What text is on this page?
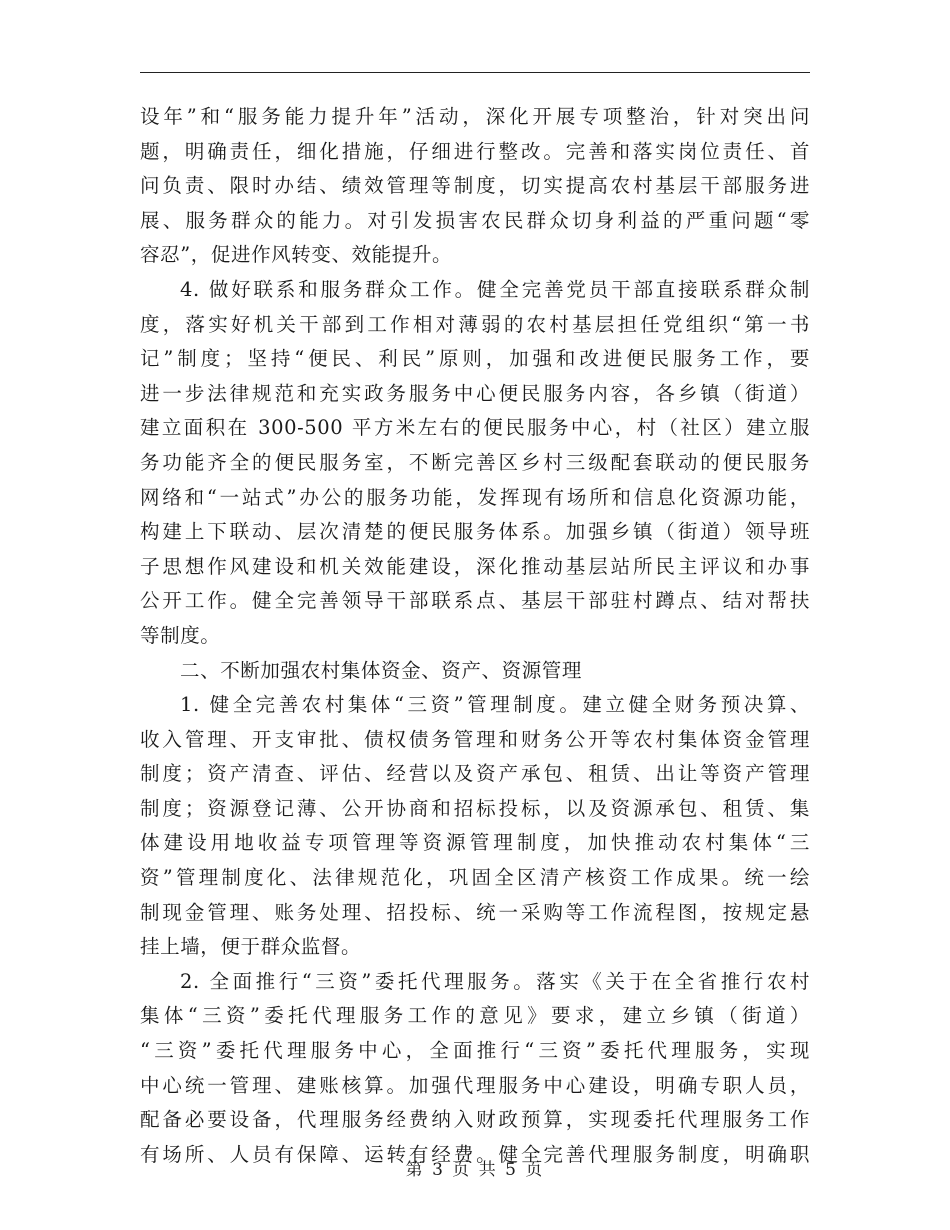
设年”和“服务能力提升年”活动，深化开展专项整治，针对突出问
题，明确责任，细化措施，仔细进行整改。完善和落实岗位责任、首
问负责、限时办结、绩效管理等制度，切实提高农村基层干部服务进
展、服务群众的能力。对引发损害农民群众切身利益的严重问题“零
容忍”，促进作风转变、效能提升。
4. 做好联系和服务群众工作。健全完善党员干部直接联系群众制
度，落实好机关干部到工作相对薄弱的农村基层担任党组织“第一书
记”制度；坚持“便民、利民”原则，加强和改进便民服务工作，要
进一步法律规范和充实政务服务中心便民服务内容，各乡镇（街道）
建立面积在 300-500 平方米左右的便民服务中心，村（社区）建立服
务功能齐全的便民服务室，不断完善区乡村三级配套联动的便民服务
网络和“一站式”办公的服务功能，发挥现有场所和信息化资源功能，
构建上下联动、层次清楚的便民服务体系。加强乡镇（街道）领导班
子思想作风建设和机关效能建设，深化推动基层站所民主评议和办事
公开工作。健全完善领导干部联系点、基层干部驻村蹲点、结对帮扶
等制度。
二、不断加强农村集体资金、资产、资源管理
1. 健全完善农村集体“三资”管理制度。建立健全财务预决算、
收入管理、开支审批、债权债务管理和财务公开等农村集体资金管理
制度；资产清查、评估、经营以及资产承包、租赁、出让等资产管理
制度；资源登记薄、公开协商和招标投标，以及资源承包、租赁、集
体建设用地收益专项管理等资源管理制度，加快推动农村集体“三
资”管理制度化、法律规范化，巩固全区清产核资工作成果。统一绘
制现金管理、账务处理、招投标、统一采购等工作流程图，按规定悬
挂上墙，便于群众监督。
2. 全面推行“三资”委托代理服务。落实《关于在全省推行农村
集体“三资”委托代理服务工作的意见》要求，建立乡镇（街道）
“三资”委托代理服务中心，全面推行“三资”委托代理服务，实现
中心统一管理、建账核算。加强代理服务中心建设，明确专职人员，
配备必要设备，代理服务经费纳入财政预算，实现委托代理服务工作
有场所、人员有保障、运转有经费。健全完善代理服务制度，明确职
第 3 页 共 5 页
